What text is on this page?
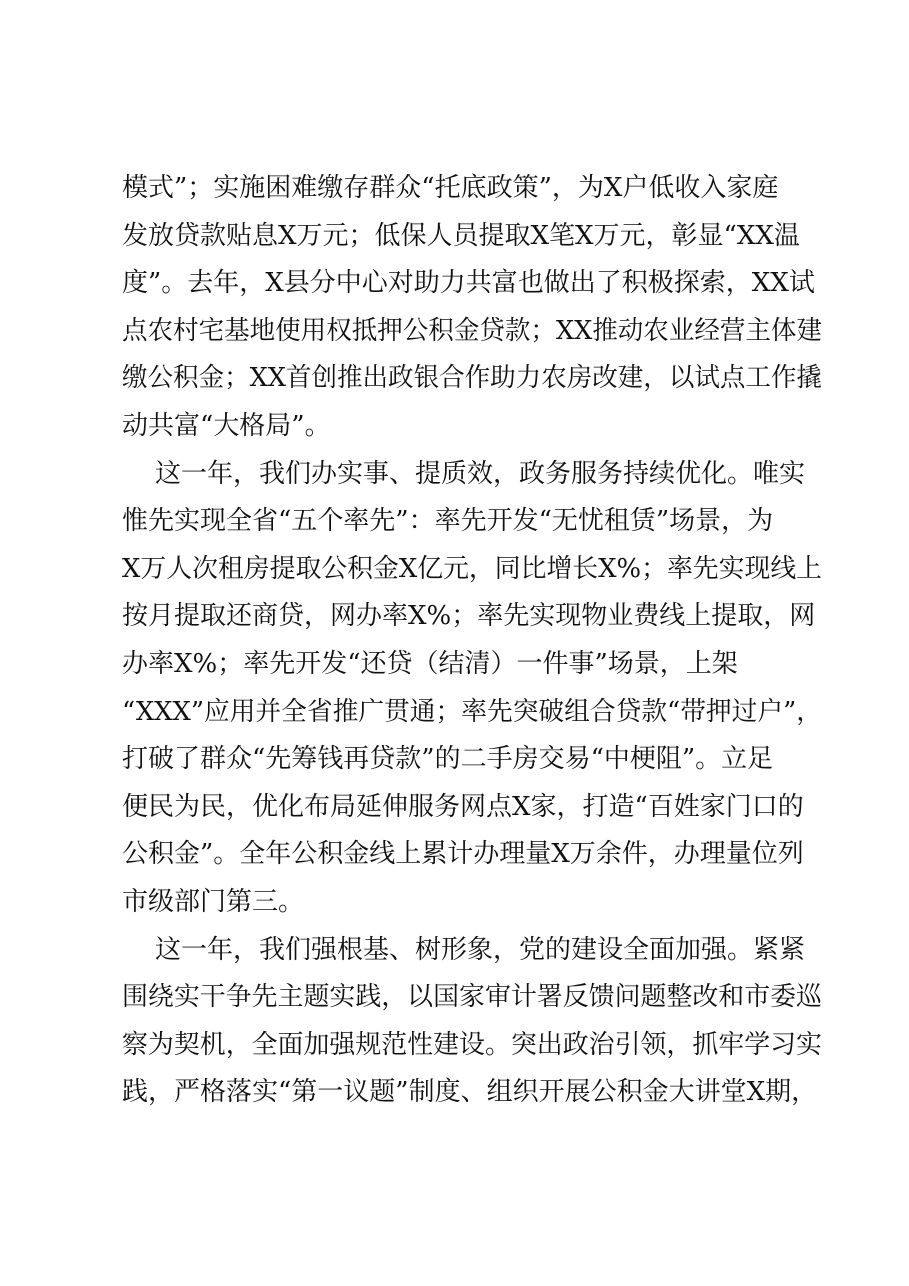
模式”；实施困难缴存群众“托底政策”，为X户低收入家庭
发放贷款贴息X万元；低保人员提取X笔X万元，彰显“XX温
度”。去年，X县分中心对助力共富也做出了积极探索，XX试
点农村宅基地使用权抵押公积金贷款；XX推动农业经营主体建
缴公积金；XX首创推出政银合作助力农房改建，以试点工作撬
动共富“大格局”。
这一年，我们办实事、提质效，政务服务持续优化。唯实
惟先实现全省“五个率先”：率先开发“无忧租赁”场景，为
X万人次租房提取公积金X亿元，同比增长X%；率先实现线上
按月提取还商贷，网办率X%；率先实现物业费线上提取，网
办率X%；率先开发“还贷（结清）一件事”场景，上架
“XXX”应用并全省推广贯通；率先突破组合贷款“带押过户”，
打破了群众“先筹钱再贷款”的二手房交易“中梗阻”。立足
便民为民，优化布局延伸服务网点X家，打造“百姓家门口的
公积金”。全年公积金线上累计办理量X万余件，办理量位列
市级部门第三。
这一年，我们强根基、树形象，党的建设全面加强。紧紧
围绕实干争先主题实践，以国家审计署反馈问题整改和市委巡
察为契机，全面加强规范性建设。突出政治引领，抓牢学习实
践，严格落实“第一议题”制度、组织开展公积金大讲堂X期，
